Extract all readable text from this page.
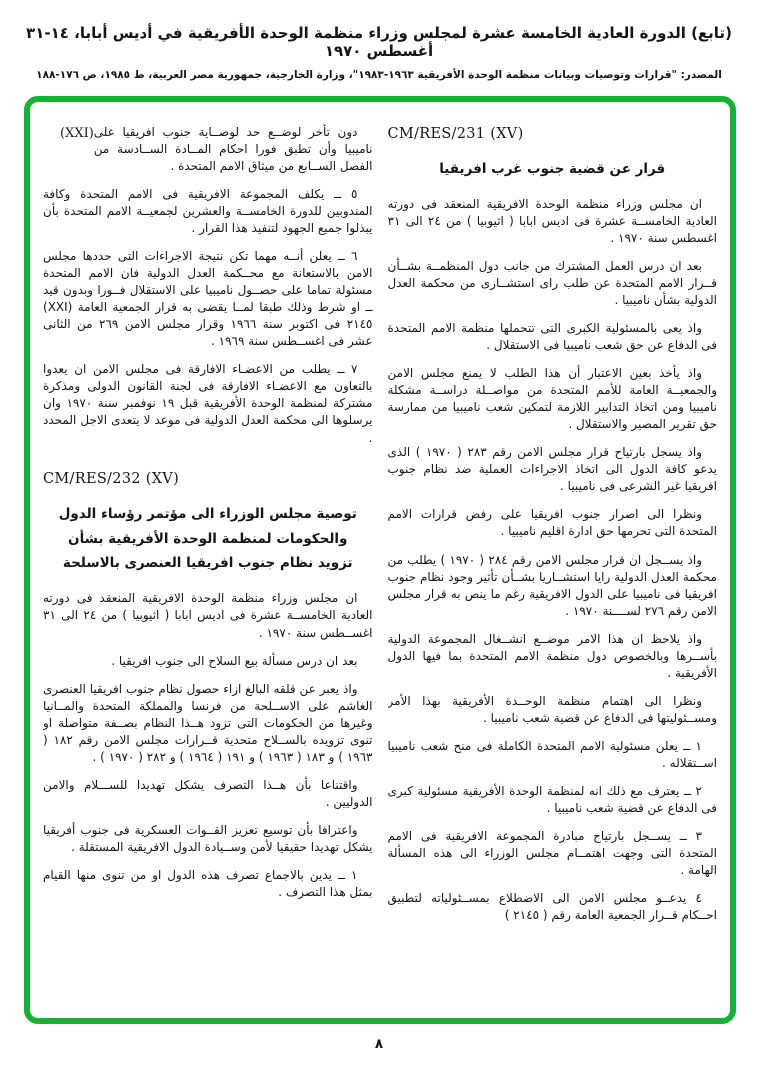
(تابع) الدورة العادية الخامسة عشرة لمجلس وزراء منظمة الوحدة الأفريقية في أديس أبابا، ١٤-٣١ أغسطس ١٩٧٠
المصدر: "قرارات وتوصيات وبيانات منظمة الوحدة الأفريقية ١٩٦٣-١٩٨٣"، وزارة الخارجية، جمهورية مصر العربية، ط ١٩٨٥، ص ١٧٦-١٨٨
CM/RES/231 (XV)
قرار عن قضية جنوب غرب افريقيا

ان مجلس وزراء منظمة الوحدة الافريقية المنعقد فى دورته العادية الخامســة عشرة فى اديس ابابا ( اثيوبيا ) من ٢٤ الى ٣١ اغسطس سنة ١٩٧٠ .

بعد ان درس العمل المشترك من جانب دول المنظمــة بشــأن قــرار الامم المتحدة عن طلب راى استشــارى من محكمة العدل الدولية بشأن ناميبيا .

واذ يعى بالمسئولية الكبرى التى تتحملها منظمة الامم المتحدة فى الدفاع عن حق شعب ناميبيا فى الاستقلال .

واذ يأخذ بعين الاعتبار أن هذا الطلب لا يمنع مجلس الامن والجمعيــة العامة للأمم المتحدة من مواصــلة دراســة مشكلة ناميبيا ومن اتخاذ التدابير اللازمة لتمكين شعب ناميبيا من ممارسة حق تقرير المصير والاستقلال .

واذ يسجل بارتياح قرار مجلس الامن رقم ٢٨٣ ( ١٩٧٠ ) الذى يدعو كافة الدول الى اتخاذ الاجراءات العملية ضد نظام جنوب افريقيا غير الشرعى فى ناميبيا .

ونظرا الى اصرار جنوب افريقيا على رفض قرارات الامم المتحدة التى تحرمها حق ادارة اقليم ناميبيا .

واذ يســجل ان قرار مجلس الامن رقم ٢٨٤ ( ١٩٧٠ ) يطلب من محكمة العدل الدولية رايا استشــاريا بشــأن تأثير وجود نظام جنوب افريقيا فى ناميبيا على الدول الافريقية رغم ما ينص به قرار مجلس الامن رقم ٢٧٦ لســــنة ١٩٧٠ .

واذ يلاحظ ان هذا الامر موضــع انشــغال المجموعة الدولية بأســرها وبالخصوص دول منظمة الامم المتحدة بما فيها الدول الأفريقية .

ونظرا الى اهتمام منظمة الوحــدة الأفريقية بهذا الأمر ومســئوليتها فى الدفاع عن قضية شعب ناميبيا .

١ ــ يعلن مسئولية الامم المتحدة الكاملة فى منح شعب ناميبيا اســتقلاله .

٢ ــ يعترف مع ذلك انه لمنظمة الوحدة الأفريقية مسئولية كبرى فى الدفاع عن قضية شعب ناميبيا .

٣ ــ يســجل بارتياح مبادرة المجموعة الافريقية فى الامم المتحدة التى وجهت اهتمــام مجلس الوزراء الى هذه المسألة الهامة .

٤ يدعــو مجلس الامن الى الاضطلاع بمســئولياته لتطبيق احــكام قــرار الجمعية العامة رقم ( ٢١٤٥ )

(XXI) دون تأخر لوضــع حد لوصــاية جنوب افريقيا على ناميبيا وأن تطبق فورا احكام المــادة الســادسة من الفصل الســابع من ميثاق الامم المتحدة .

٥ ــ يكلف المجموعة الافريقية فى الامم المتحدة وكافة المندوبين للدورة الخامســة والعشرين لجمعيــة الامم المتحدة بأن يبذلوا جميع الجهود لتنفيذ هذا القرار .

٦ ــ يعلن أنــه مهما تكن نتيجة الاجراءات التى حددها مجلس الامن بالاستعانة مع محــكمة العدل الدولية فان الامم المتحدة مسئولة تماما على حصــول ناميبيا على الاستقلال فــورا وبدون قيد ــ او شرط وذلك طبقا لمــا يقضى به قرار الجمعية العامة (XXI) ٢١٤٥ فى اكتوبر سنة ١٩٦٦ وقرار مجلس الامن ٢٦٩ من الثانى عشر فى اغســطس سنة ١٩٦٩ .

٧ ــ يطلب من الاعضـاء الافارقة فى مجلس الامن ان يعدوا بالتعاون مع الاعضـاء الافارقة فى لجنة القانون الدولى ومذكرة مشتركة لمنظمة الوحدة الأفريقية قبل ١٩ نوفمبر سنة ١٩٧٠ وان يرسلوها الى محكمة العدل الدولية فى موعد لا يتعدى الاجل المحدد .

CM/RES/232 (XV)
توصية مجلس الوزراء الى مؤتمر رؤساء الدول والحكومات لمنظمة الوحدة الأفريقية بشأن تزويد نظام جنوب افريقيا العنصرى بالاسلحة

ان مجلس وزراء منظمة الوحدة الافريقية المنعقد فى دورته العادية الخامســة عشرة فى اديس ابابا ( اثيوبيا ) من ٢٤ الى ٣١ اغســطس سنة ١٩٧٠ .

بعد ان درس مسألة بيع السلاح الى جنوب افريقيا .

واذ يعبر عن قلقه البالغ ازاء حصول نظام جنوب افريقيا العنصرى الغاشم على الاســلحة من فرنسا والمملكة المتحدة والمــانيا وغيرها من الحكومات التى تزود هــذا النظام بصــفة متواصلة او تنوى تزويده بالســلاح متحدية قــرارات مجلس الامن رقم ١٨٢ ( ١٩٦٣ ) و ١٨٣ ( ١٩٦٣ ) و ١٩١ ( ١٩٦٤ ) و ٢٨٢ ( ١٩٧٠ ) .

واقتناعا بأن هــذا التصرف يشكل تهديدا للســـلام والامن الدوليين .

واعترافا بأن توسيع تعزيز القــوات العسكرية فى جنوب أفريقيا يشكل تهديدا حقيقيا لأمن وســيادة الدول الافريقية المستقلة .

١ ــ يدين بالاجماع تصرف هذه الدول او من تنوى منها القيام بمثل هذا التصرف .

٨
